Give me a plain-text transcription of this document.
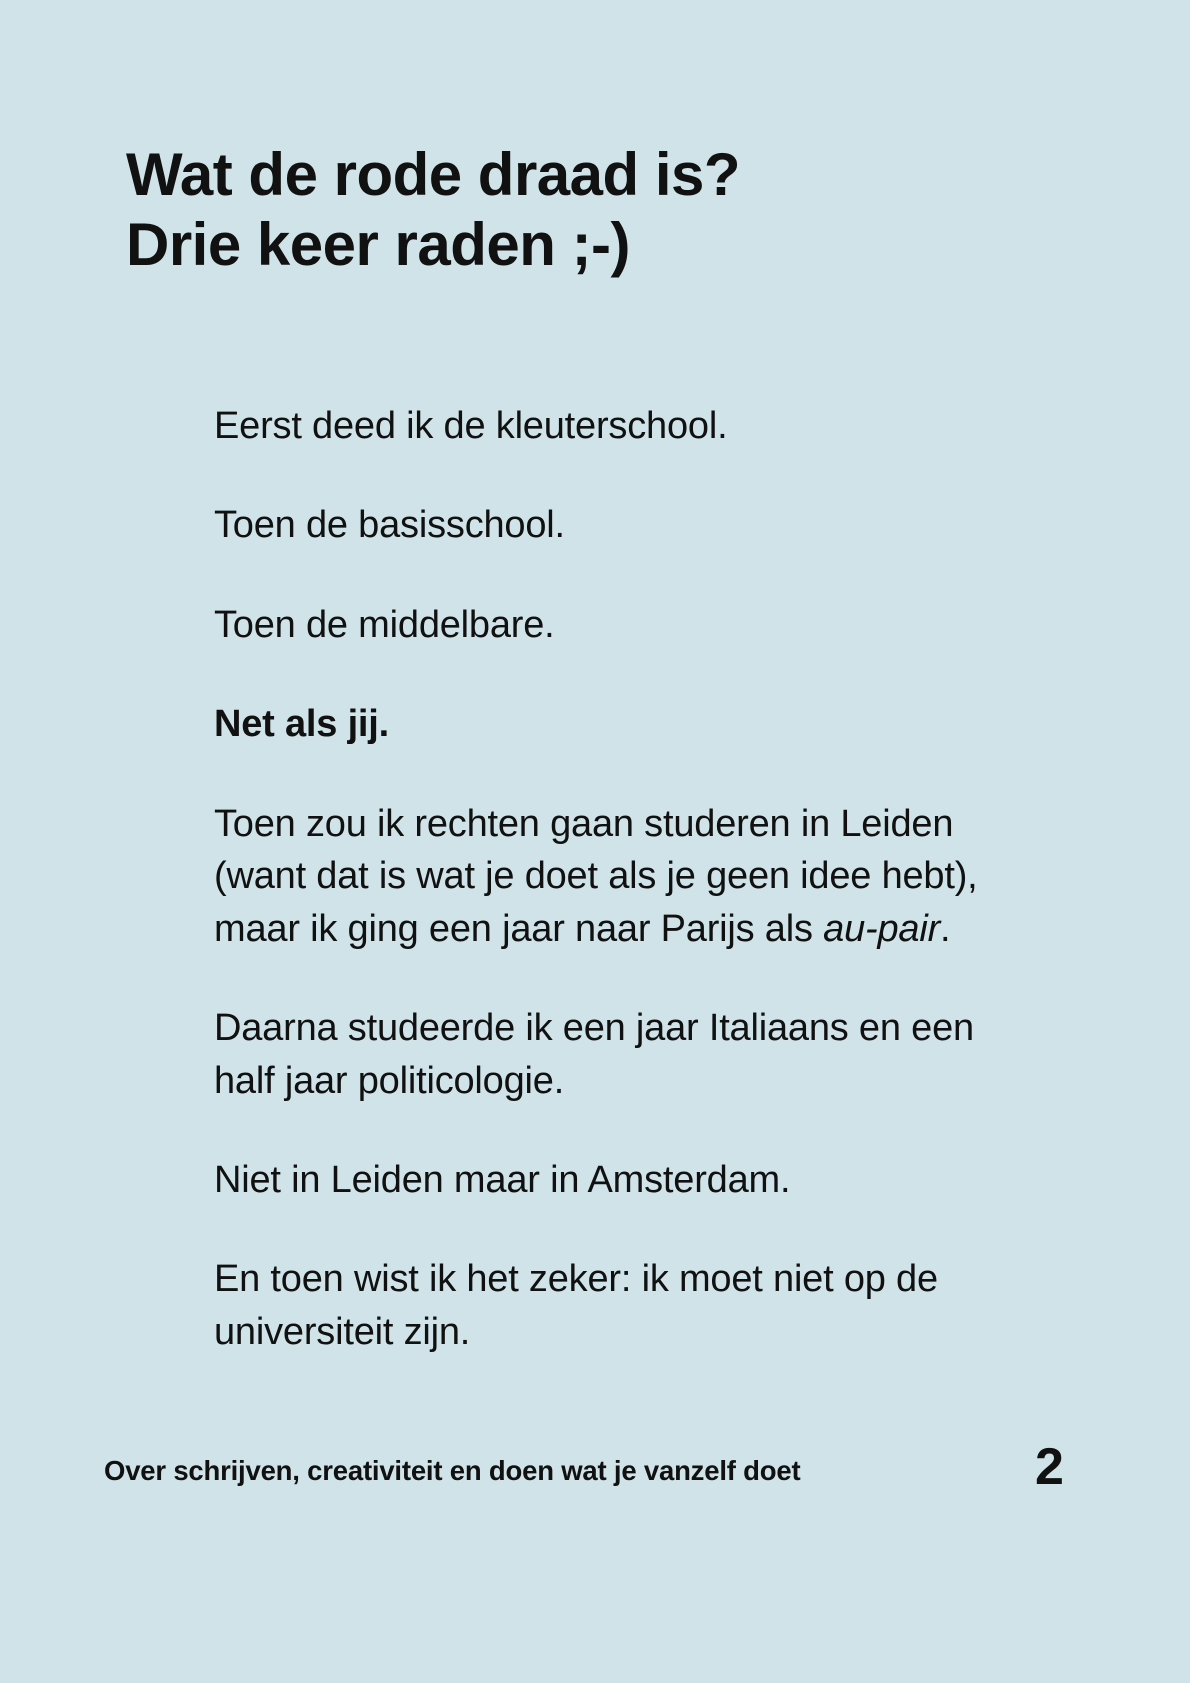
Wat de rode draad is?
Drie keer raden ;-)

Eerst deed ik de kleuterschool.

Toen de basisschool.

Toen de middelbare.

Net als jij.

Toen zou ik rechten gaan studeren in Leiden (want dat is wat je doet als je geen idee hebt), maar ik ging een jaar naar Parijs als au-pair.

Daarna studeerde ik een jaar Italiaans en een half jaar politicologie.

Niet in Leiden maar in Amsterdam.

En toen wist ik het zeker: ik moet niet op de universiteit zijn.

Over schrijven, creativiteit en doen wat je vanzelf doet	2
